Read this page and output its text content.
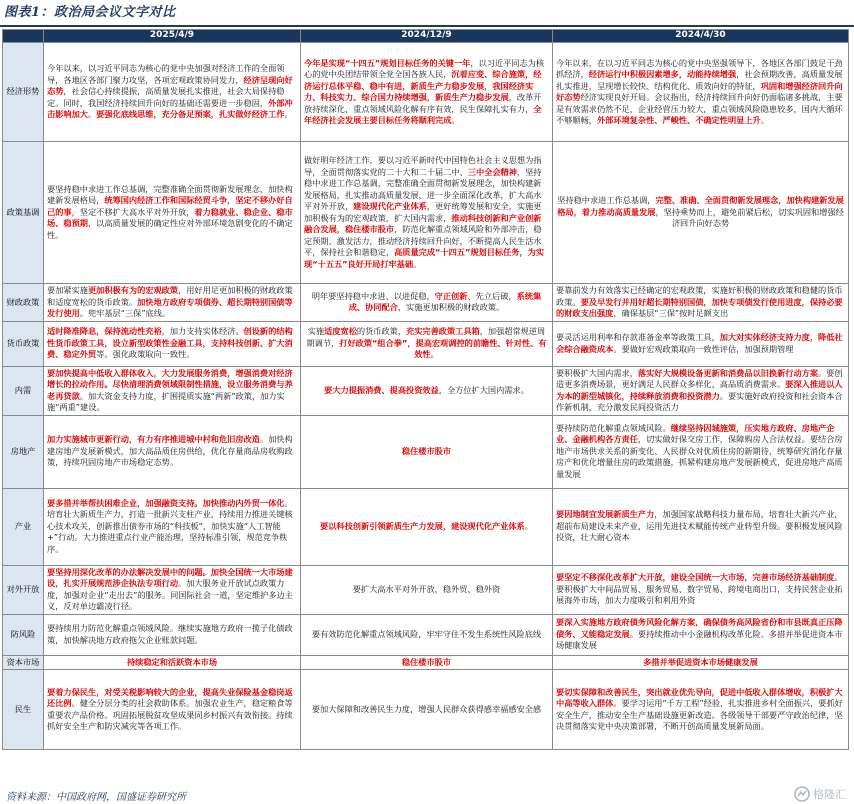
图表1：政治局会议文字对比
	2025/4/9	2024/12/9	2024/4/30
经济形势	今年以来，以习近平同志为核心的党中央加强对经济工作的全面领导，各地区各部门聚力攻坚，各项宏观政策协同发力，经济呈现向好态势，社会信心持续提振，高质量发展扎实推进，社会大局保持稳定。同时，我国经济持续回升向好的基础还需要进一步稳固，外部冲击影响加大。要强化底线思维，充分备足预案，扎实做好经济工作。	今年是实现“十四五”规划目标任务的关键一年，以习近平同志为核心的党中央团结带领全党全国各族人民，沉着应变、综合施策，经济运行总体平稳、稳中有进，新质生产力稳步发展，我国经济实力、科技实力、综合国力持续增强，新质生产力稳步发展，改革开放持续深化，重点领域风险化解有序有效，民生保障扎实有力，全年经济社会发展主要目标任务将顺利完成。	今年以来，在以习近平同志为核心的党中央坚强领导下，各地区各部门鼓足干劲抓经济，经济运行中积极因素增多，动能持续增强，社会预期改善，高质量发展扎实推进，呈现增长较快、结构优化、质效向好的特征，巩固和增强经济回升向好态势经济实现良好开局。会议指出，经济持续回升向好仍面临诸多挑战，主要是有效需求仍然不足，企业经营压力较大，重点领域风险隐患较多，国内大循环不够顺畅，外部环境复杂性、严峻性、不确定性明显上升。
政策基调	要坚持稳中求进工作总基调，完整准确全面贯彻新发展理念，加快构建新发展格局，统筹国内经济工作和国际经贸斗争，坚定不移办好自己的事，坚定不移扩大高水平对外开放，着力稳就业、稳企业、稳市场、稳预期，以高质量发展的确定性应对外部环境急剧变化的不确定性。	做好明年经济工作，要以习近平新时代中国特色社会主义思想为指导，全面贯彻落实党的二十大和二十届二中、三中全会精神，坚持稳中求进工作总基调，完整准确全面贯彻新发展理念，加快构建新发展格局，扎实推动高质量发展，进一步全面深化改革，扩大高水平对外开放，建设现代化产业体系，更好统筹发展和安全，实施更加积极有为的宏观政策，扩大国内需求，推动科技创新和产业创新融合发展，稳住楼市股市，防范化解重点领域风险和外部冲击，稳定预期、激发活力，推动经济持续回升向好，不断提高人民生活水平，保持社会和谐稳定，高质量完成“十四五”规划目标任务，为实现“十五五”良好开局打牢基础。	坚持稳中求进工作总基调，完整、准确、全面贯彻新发展理念，加快构建新发展格局，着力推动高质量发展，坚持乘势而上，避免前紧后松，切实巩固和增强经济回升向好态势
财政政策	要加紧实施更加积极有为的宏观政策，用好用足更加积极的财政政策和适度宽松的货币政策。加快地方政府专项债券、超长期特别国债等发行使用。兜牢基层“三保”底线。	明年要坚持稳中求进、以进促稳，守正创新、先立后破，系统集成、协同配合，实施更加积极的财政政策。	要靠前发力有效落实已经确定的宏观政策，实施好积极的财政政策和稳健的货币政策。要及早发行并用好超长期特别国债，加快专项债发行使用进度，保持必要的财政支出强度，确保基层“三保”按时足额支出
货币政策	适时降准降息，保持流动性充裕，加力支持实体经济。创设新的结构性货币政策工具，设立新型政策性金融工具，支持科技创新、扩大消费、稳定外贸等。强化政策取向一致性。	实施适度宽松的货币政策，充实完善政策工具箱，加强超常规逆周期调节，打好政策“组合拳”，提高宏观调控的前瞻性、针对性、有效性。	要灵活运用利率和存款准备金率等政策工具，加大对实体经济支持力度，降低社会综合融资成本。要做好宏观政策取向一致性评估，加强预期管理
内需	要加快提高中低收入群体收入，大力发展服务消费，增强消费对经济增长的拉动作用。尽快清理消费领域限制性措施，设立服务消费与养老再贷款。加大资金支持力度，扩围提质实施“两新”政策，加力实施“两重”建设。	要大力提振消费、提高投资效益，全方位扩大国内需求。	要积极扩大国内需求，落实好大规模设备更新和消费品以旧换新行动方案。要创造更多消费场景，更好满足人民群众多样化、高品质消费需求。要深入推进以人为本的新型城镇化，持续释放消费和投资潜力。要实施好政府投资和社会资本合作新机制，充分激发民间投资活力
房地产	加力实施城市更新行动，有力有序推进城中村和危旧房改造。加快构建房地产发展新模式，加大高品质住房供给，优化存量商品房收购政策，持续巩固房地产市场稳定态势。	稳住楼市股市	要持续防范化解重点领域风险。继续坚持因城施策，压实地方政府、房地产企业、金融机构各方责任，切实做好保交房工作，保障购房人合法权益。要结合房地产市场供求关系的新变化、人民群众对优质住房的新期待，统筹研究消化存量房产和优化增量住房的政策措施，抓紧构建房地产发展新模式，促进房地产高质量发展
产业	要多措并举帮扶困难企业，加强融资支持。加快推动内外贸一体化。培育壮大新质生产力，打造一批新兴支柱产业，持续用力推进关键核心技术攻关，创新推出债券市场的“科技板”，加快实施“人工智能+”行动。大力推进重点行业产能治理，坚持标准引领，规范竞争秩序。	要以科技创新引领新质生产力发展，建设现代化产业体系。	要因地制宜发展新质生产力，加强国家战略科技力量布局，培育壮大新兴产业，超前布局建设未来产业，运用先进技术赋能传统产业转型升级。要积极发展风险投资，壮大耐心资本
对外开放	要坚持用深化改革的办法解决发展中的问题。加快全国统一大市场建设，扎实开展规范涉企执法专项行动。加大服务业开放试点政策力度，加强对企业“走出去”的服务。同国际社会一道，坚定维护多边主义，反对单边霸凌行径。	要扩大高水平对外开放，稳外贸、稳外资	要坚定不移深化改革扩大开放，建设全国统一大市场，完善市场经济基础制度。要积极扩大中间品贸易、服务贸易、数字贸易、跨境电商出口，支持民营企业拓展海外市场，加大力度吸引和利用外资
防风险	要持续用力防范化解重点领域风险。继续实施地方政府一揽子化债政策，加快解决地方政府拖欠企业账款问题。	要有效防范化解重点领域风险，牢牢守住不发生系统性风险底线	要深入实施地方政府债务风险化解方案，确保债务高风险省份和市县既真正压降债务、又能稳定发展。要持续推动中小金融机构改革化险。多措并举促进资本市场健康发展
资本市场	持续稳定和活跃资本市场	稳住楼市股市	多措并举促进资本市场健康发展
民生	要着力保民生，对受关税影响较大的企业，提高失业保险基金稳岗返还比例。健全分层分类的社会救助体系。加强农业生产，稳定粮食等重要农产品价格。巩固拓展脱贫攻坚成果同乡村振兴有效衔接。持续抓好安全生产和防灾减灾等各项工作。	要加大保障和改善民生力度，增强人民群众获得感幸福感安全感	要切实保障和改善民生，突出就业优先导向，促进中低收入群体增收，积极扩大中高等收入群体。要学习运用“千万工程”经验，扎实推进乡村全面振兴，要抓好安全生产，推动安全生产基础设施更新改造。各级领导干部要严守政治纪律，坚决贯彻落实党中央决策部署，不断开创高质量发展新局面。
资料来源：中国政府网，国盛证券研究所	格隆汇
